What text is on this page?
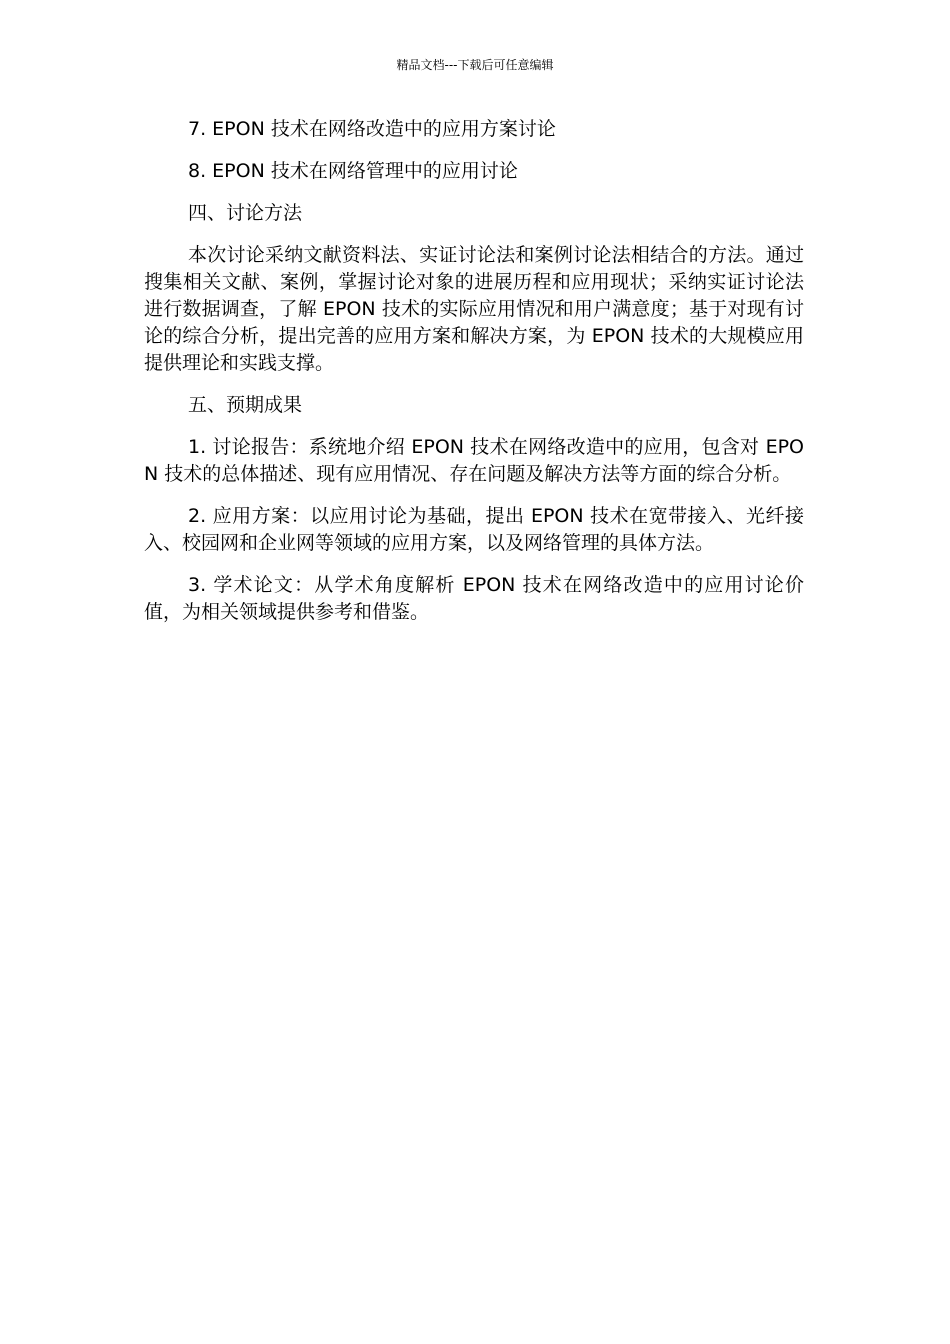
精品文档---下载后可任意编辑

7. EPON 技术在网络改造中的应用方案讨论

8. EPON 技术在网络管理中的应用讨论

四、讨论方法

本次讨论采纳文献资料法、实证讨论法和案例讨论法相结合的方法。通过搜集相关文献、案例，掌握讨论对象的进展历程和应用现状；采纳实证讨论法进行数据调查，了解 EPON 技术的实际应用情况和用户满意度；基于对现有讨论的综合分析，提出完善的应用方案和解决方案，为 EPON 技术的大规模应用提供理论和实践支撑。

五、预期成果

1. 讨论报告：系统地介绍 EPON 技术在网络改造中的应用，包含对 EPON 技术的总体描述、现有应用情况、存在问题及解决方法等方面的综合分析。

2. 应用方案：以应用讨论为基础，提出 EPON 技术在宽带接入、光纤接入、校园网和企业网等领域的应用方案，以及网络管理的具体方法。

3. 学术论文：从学术角度解析 EPON 技术在网络改造中的应用讨论价值，为相关领域提供参考和借鉴。
